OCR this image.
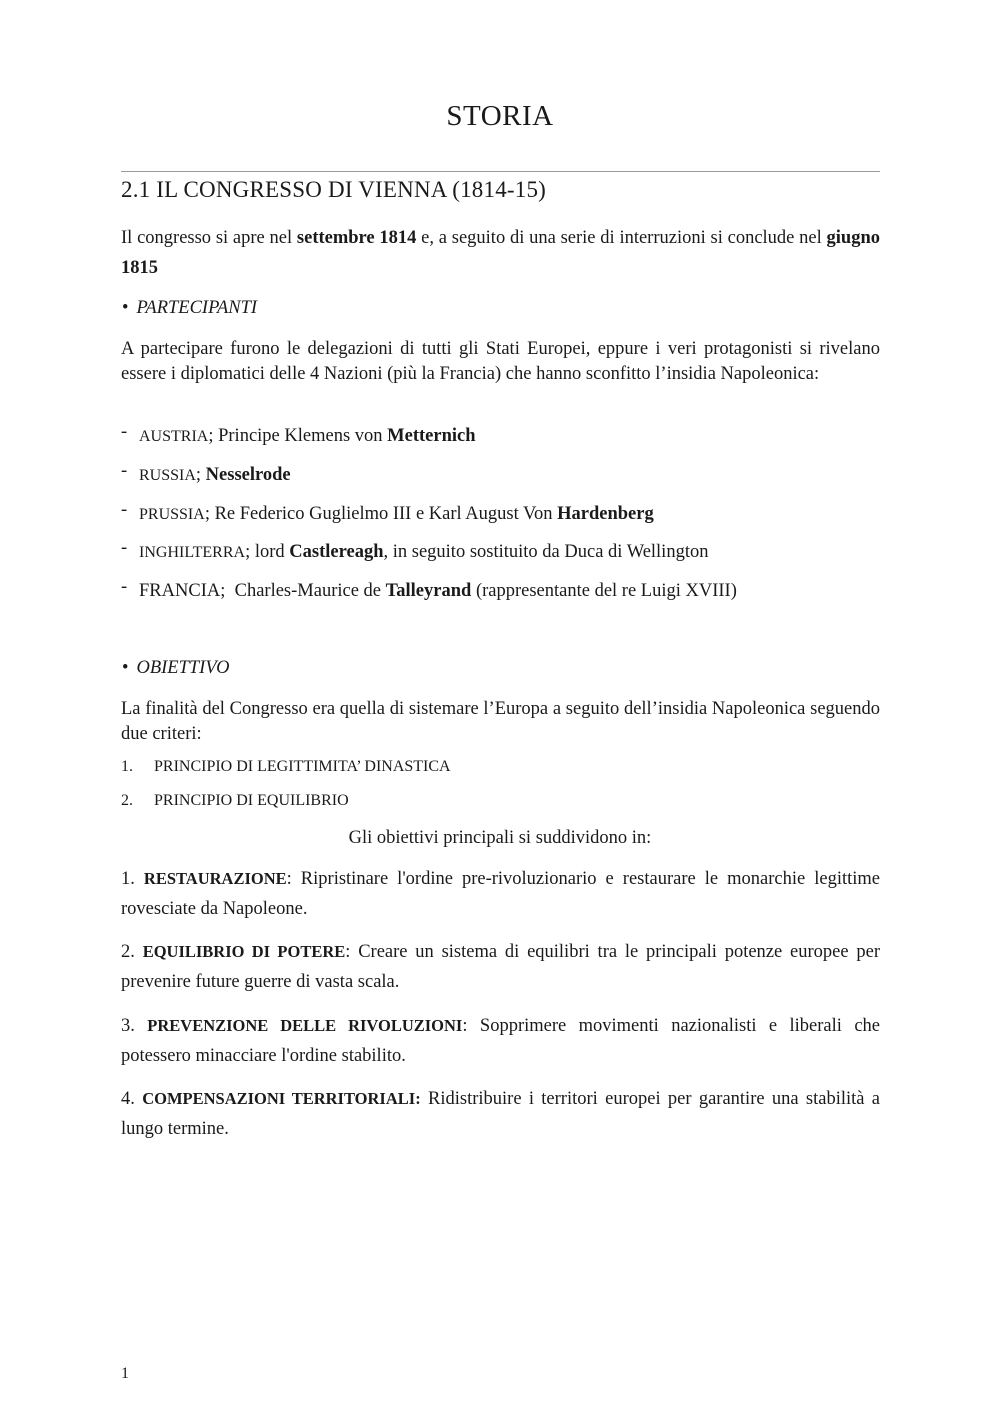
STORIA
2.1 IL CONGRESSO DI VIENNA (1814-15)
Il congresso si apre nel settembre 1814 e, a seguito di una serie di interruzioni si conclude nel giugno 1815
• PARTECIPANTI
A partecipare furono le delegazioni di tutti gli Stati Europei, eppure i veri protagonisti si rivelano essere i diplomatici delle 4 Nazioni (più la Francia) che hanno sconfitto l’insidia Napoleonica:
- AUSTRIA; Principe Klemens von Metternich
- RUSSIA; Nesselrode
- PRUSSIA; Re Federico Guglielmo III e Karl August Von Hardenberg
- INGHILTERRA; lord Castlereagh, in seguito sostituito da Duca di Wellington
- FRANCIA;  Charles-Maurice de Talleyrand (rappresentante del re Luigi XVIII)
• OBIETTIVO
La finalità del Congresso era quella di sistemare l’Europa a seguito dell’insidia Napoleonica seguendo due criteri:
1. PRINCIPIO DI LEGITTIMITA’ DINASTICA
2. PRINCIPIO DI EQUILIBRIO
Gli obiettivi principali si suddividono in:
1. RESTAURAZIONE: Ripristinare l'ordine pre-rivoluzionario e restaurare le monarchie legittime rovesciate da Napoleone.
2. EQUILIBRIO DI POTERE: Creare un sistema di equilibri tra le principali potenze europee per prevenire future guerre di vasta scala.
3. PREVENZIONE DELLE RIVOLUZIONI: Sopprimere movimenti nazionalisti e liberali che potessero minacciare l'ordine stabilito.
4. COMPENSAZIONI TERRITORIALI: Ridistribuire i territori europei per garantire una stabilità a lungo termine.
1
